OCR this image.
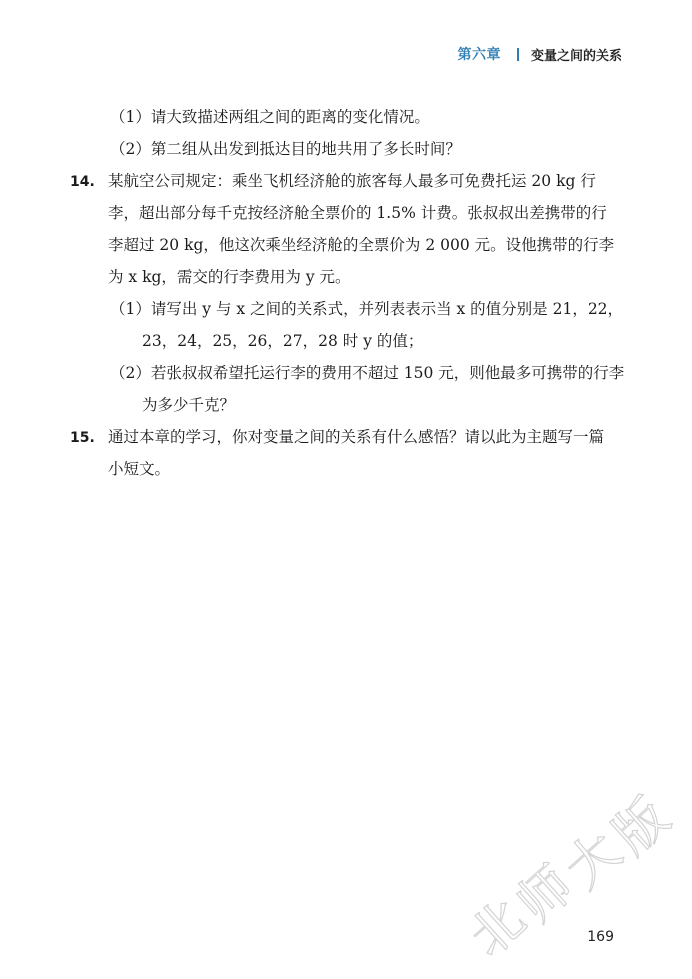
第六章 变量之间的关系
（1）请大致描述两组之间的距离的变化情况。
（2）第二组从出发到抵达目的地共用了多长时间？
14. 某航空公司规定：乘坐飞机经济舱的旅客每人最多可免费托运 20 kg 行
李，超出部分每千克按经济舱全票价的 1.5% 计费。张叔叔出差携带的行
李超过 20 kg，他这次乘坐经济舱的全票价为 2 000 元。设他携带的行李
为 x kg，需交的行李费用为 y 元。
（1）请写出 y 与 x 之间的关系式，并列表表示当 x 的值分别是 21，22，
23，24，25，26，27，28 时 y 的值；
（2）若张叔叔希望托运行李的费用不超过 150 元，则他最多可携带的行李
为多少千克？
15. 通过本章的学习，你对变量之间的关系有什么感悟？请以此为主题写一篇
小短文。
北
师
大
版
169
